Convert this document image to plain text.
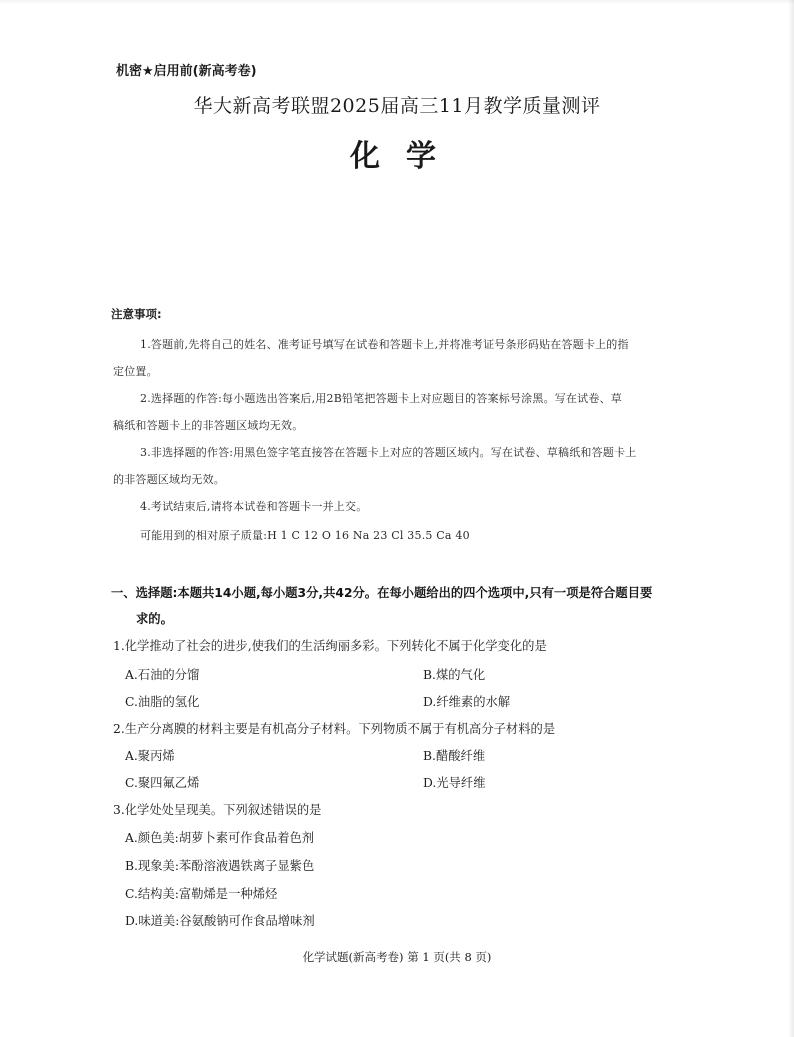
机密★启用前(新高考卷)
华大新高考联盟2025届高三11月教学质量测评
化学
注意事项:
1.答题前,先将自己的姓名、准考证号填写在试卷和答题卡上,并将准考证号条形码贴在答题卡上的指
定位置。
2.选择题的作答:每小题选出答案后,用2B铅笔把答题卡上对应题目的答案标号涂黑。写在试卷、草
稿纸和答题卡上的非答题区域均无效。
3.非选择题的作答:用黑色签字笔直接答在答题卡上对应的答题区域内。写在试卷、草稿纸和答题卡上
的非答题区域均无效。
4.考试结束后,请将本试卷和答题卡一并上交。
可能用到的相对原子质量:H 1 C 12 O 16 Na 23 Cl 35.5 Ca 40
一、选择题:本题共14小题,每小题3分,共42分。在每小题给出的四个选项中,只有一项是符合题目要
求的。
1.化学推动了社会的进步,使我们的生活绚丽多彩。下列转化不属于化学变化的是
A.石油的分馏	B.煤的气化
C.油脂的氢化	D.纤维素的水解
2.生产分离膜的材料主要是有机高分子材料。下列物质不属于有机高分子材料的是
A.聚丙烯	B.醋酸纤维
C.聚四氟乙烯	D.光导纤维
3.化学处处呈现美。下列叙述错误的是
A.颜色美:胡萝卜素可作食品着色剂
B.现象美:苯酚溶液遇铁离子显紫色
C.结构美:富勒烯是一种烯烃
D.味道美:谷氨酸钠可作食品增味剂
化学试题(新高考卷) 第 1 页(共 8 页)
